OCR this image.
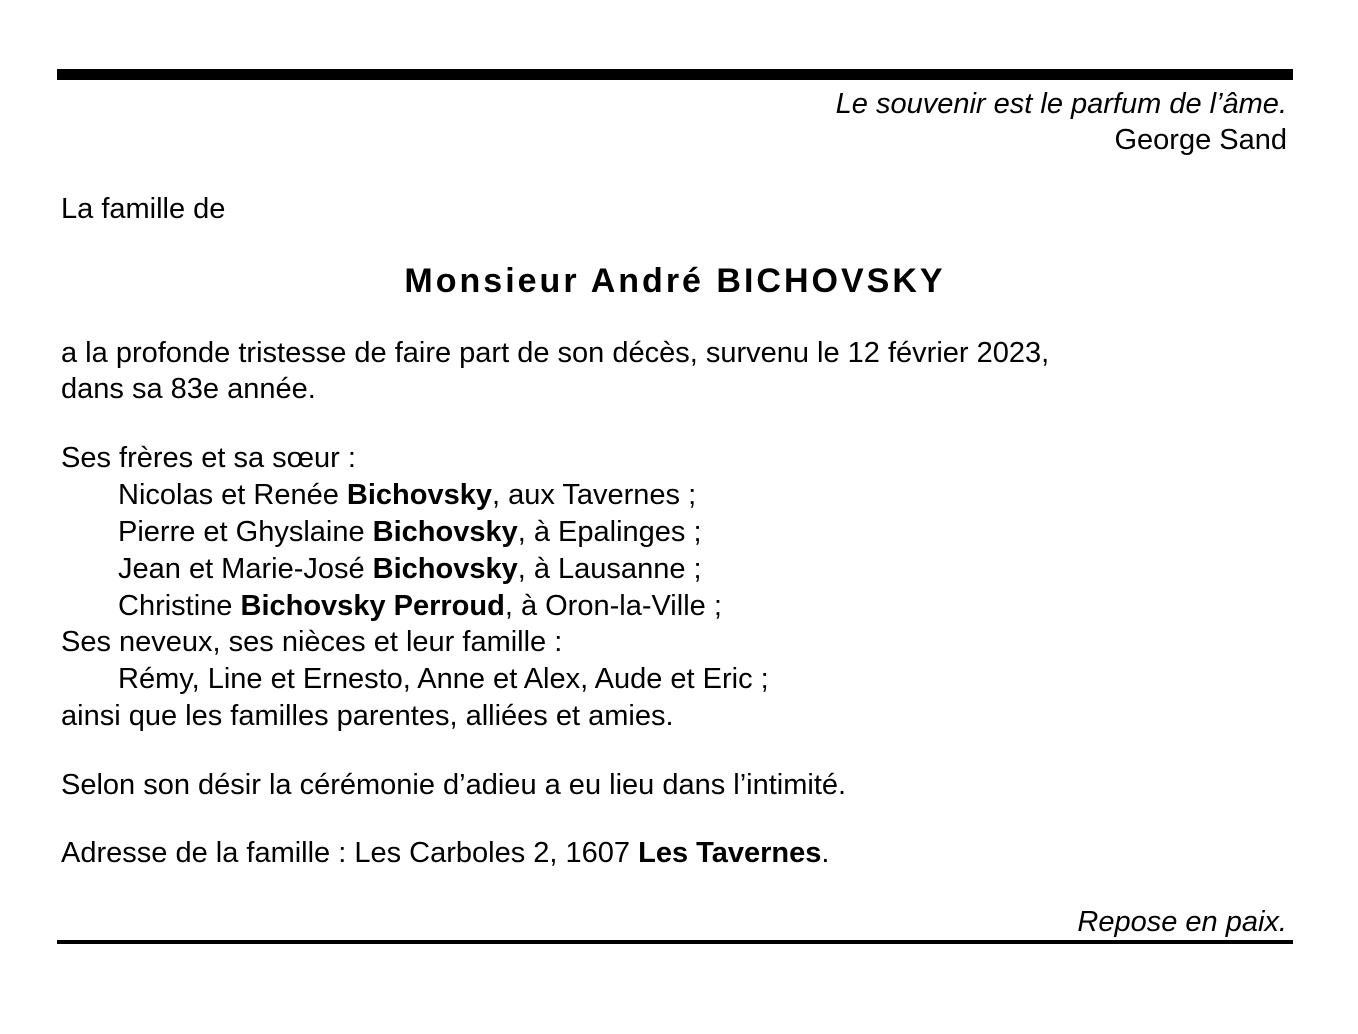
Le souvenir est le parfum de l’âme.
George Sand
La famille de
Monsieur André BICHOVSKY
a la profonde tristesse de faire part de son décès, survenu le 12 février 2023,
dans sa 83e année.
Ses frères et sa sœur :
Nicolas et Renée Bichovsky, aux Tavernes ;
Pierre et Ghyslaine Bichovsky, à Epalinges ;
Jean et Marie-José Bichovsky, à Lausanne ;
Christine Bichovsky Perroud, à Oron-la-Ville ;
Ses neveux, ses nièces et leur famille :
Rémy, Line et Ernesto, Anne et Alex, Aude et Eric ;
ainsi que les familles parentes, alliées et amies.
Selon son désir la cérémonie d’adieu a eu lieu dans l’intimité.
Adresse de la famille : Les Carboles 2, 1607 Les Tavernes.
Repose en paix.
